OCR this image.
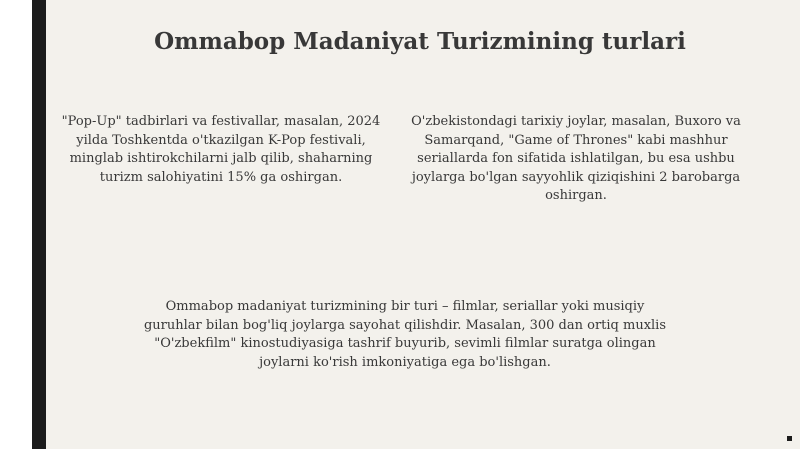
Ommabop Madaniyat Turizmining turlari

"Pop-Up" tadbirlari va festivallar, masalan, 2024 yilda Toshkentda o'tkazilgan K-Pop festivali, minglab ishtirokchilarni jalb qilib, shaharning turizm salohiyatini 15% ga oshirgan.

O'zbekistondagi tarixiy joylar, masalan, Buxoro va Samarqand, "Game of Thrones" kabi mashhur seriallarda fon sifatida ishlatilgan, bu esa ushbu joylarga bo'lgan sayyohlik qiziqishini 2 barobarga oshirgan.

Ommabop madaniyat turizmining bir turi – filmlar, seriallar yoki musiqiy guruhlar bilan bog'liq joylarga sayohat qilishdir. Masalan, 300 dan ortiq muxlis "O'zbekfilm" kinostudiyasiga tashrif buyurib, sevimli filmlar suratga olingan joylarni ko'rish imkoniyatiga ega bo'lishgan.
